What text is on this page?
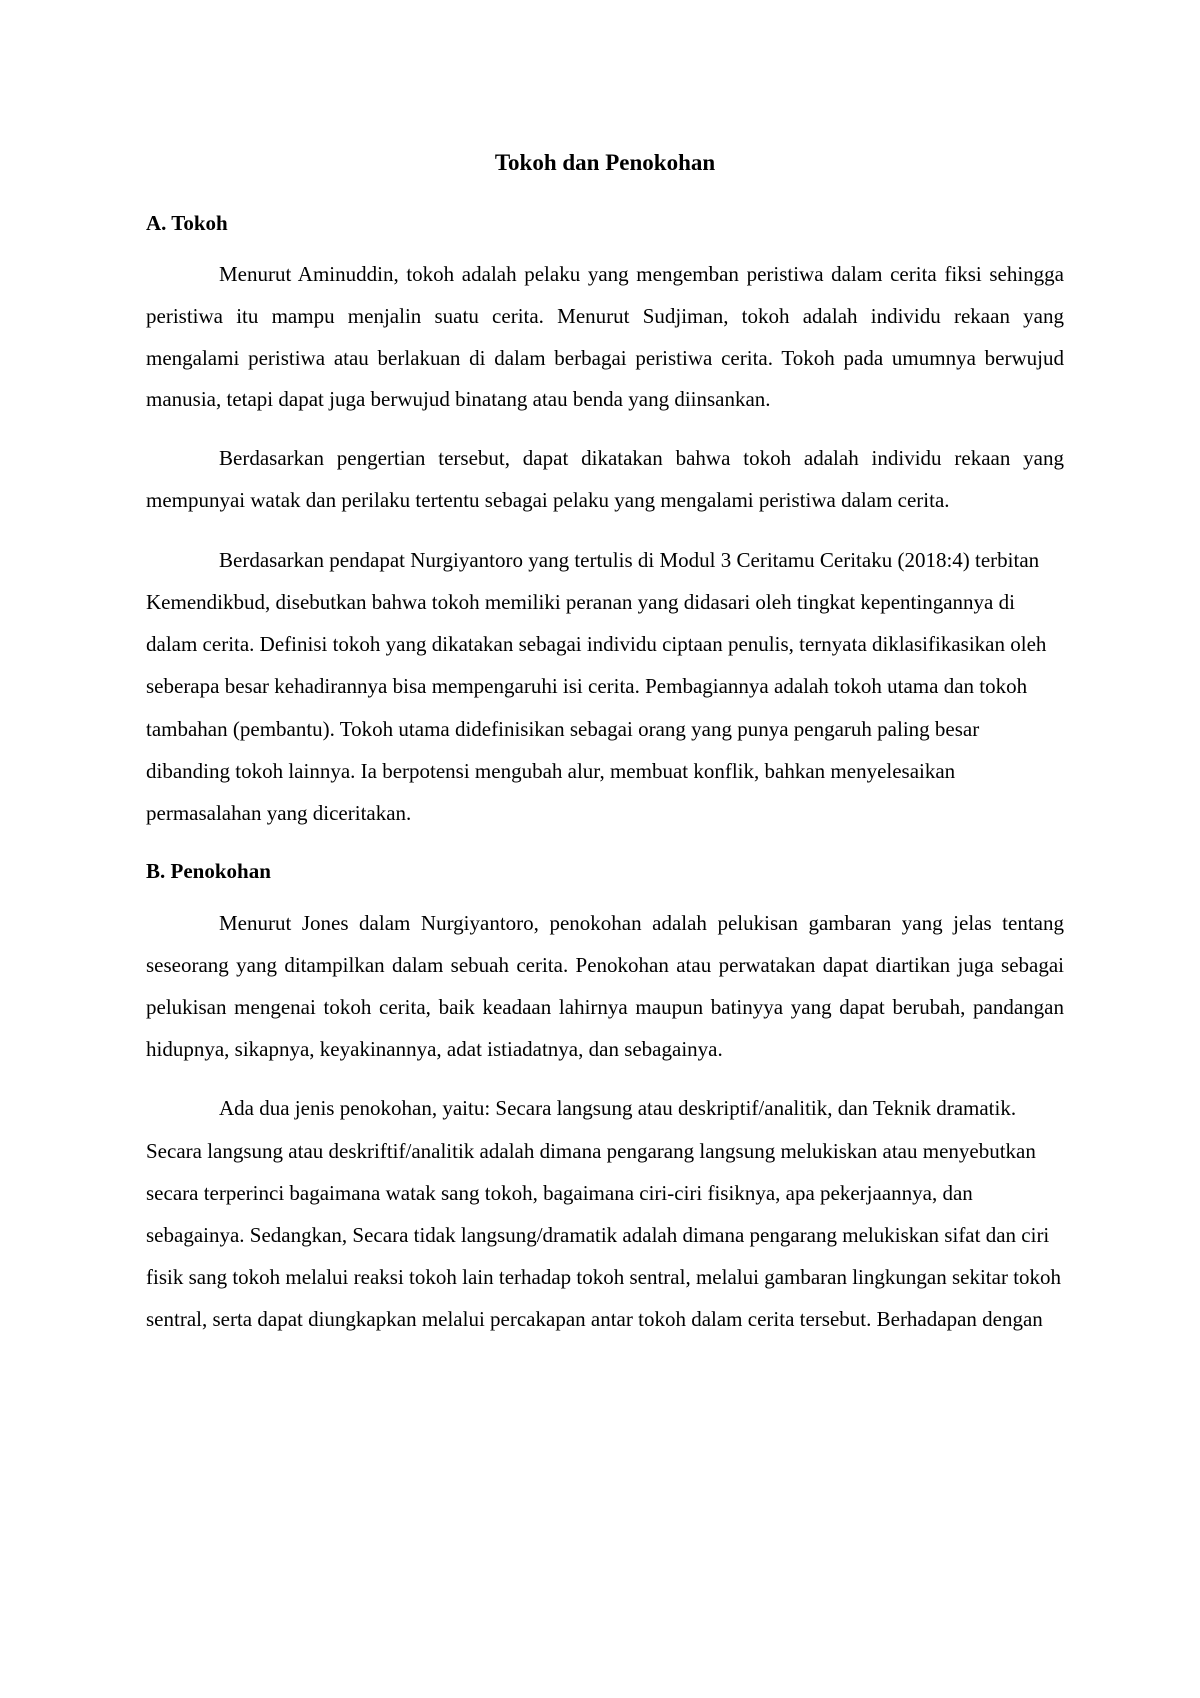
Tokoh dan Penokohan
A. Tokoh

Menurut Aminuddin, tokoh adalah pelaku yang mengemban peristiwa dalam cerita fiksi sehingga peristiwa itu mampu menjalin suatu cerita. Menurut Sudjiman, tokoh adalah individu rekaan yang mengalami peristiwa atau berlakuan di dalam berbagai peristiwa cerita. Tokoh pada umumnya berwujud manusia, tetapi dapat juga berwujud binatang atau benda yang diinsankan.

Berdasarkan pengertian tersebut, dapat dikatakan bahwa tokoh adalah individu rekaan yang mempunyai watak dan perilaku tertentu sebagai pelaku yang mengalami peristiwa dalam cerita.

Berdasarkan pendapat Nurgiyantoro yang tertulis di Modul 3 Ceritamu Ceritaku (2018:4) terbitan Kemendikbud, disebutkan bahwa tokoh memiliki peranan yang didasari oleh tingkat kepentingannya di dalam cerita. Definisi tokoh yang dikatakan sebagai individu ciptaan penulis, ternyata diklasifikasikan oleh seberapa besar kehadirannya bisa mempengaruhi isi cerita. Pembagiannya adalah tokoh utama dan tokoh tambahan (pembantu). Tokoh utama didefinisikan sebagai orang yang punya pengaruh paling besar dibanding tokoh lainnya. Ia berpotensi mengubah alur, membuat konflik, bahkan menyelesaikan permasalahan yang diceritakan.

B. Penokohan

Menurut Jones dalam Nurgiyantoro, penokohan adalah pelukisan gambaran yang jelas tentang seseorang yang ditampilkan dalam sebuah cerita. Penokohan atau perwatakan dapat diartikan juga sebagai pelukisan mengenai tokoh cerita, baik keadaan lahirnya maupun batinyya yang dapat berubah, pandangan hidupnya, sikapnya, keyakinannya, adat istiadatnya, dan sebagainya.

Ada dua jenis penokohan, yaitu: Secara langsung atau deskriptif/analitik, dan Teknik dramatik. Secara langsung atau deskriftif/analitik adalah dimana pengarang langsung melukiskan atau menyebutkan secara terperinci bagaimana watak sang tokoh, bagaimana ciri-ciri fisiknya, apa pekerjaannya, dan sebagainya. Sedangkan, Secara tidak langsung/dramatik adalah dimana pengarang melukiskan sifat dan ciri fisik sang tokoh melalui reaksi tokoh lain terhadap tokoh sentral, melalui gambaran lingkungan sekitar tokoh sentral, serta dapat diungkapkan melalui percakapan antar tokoh dalam cerita tersebut. Berhadapan dengan
